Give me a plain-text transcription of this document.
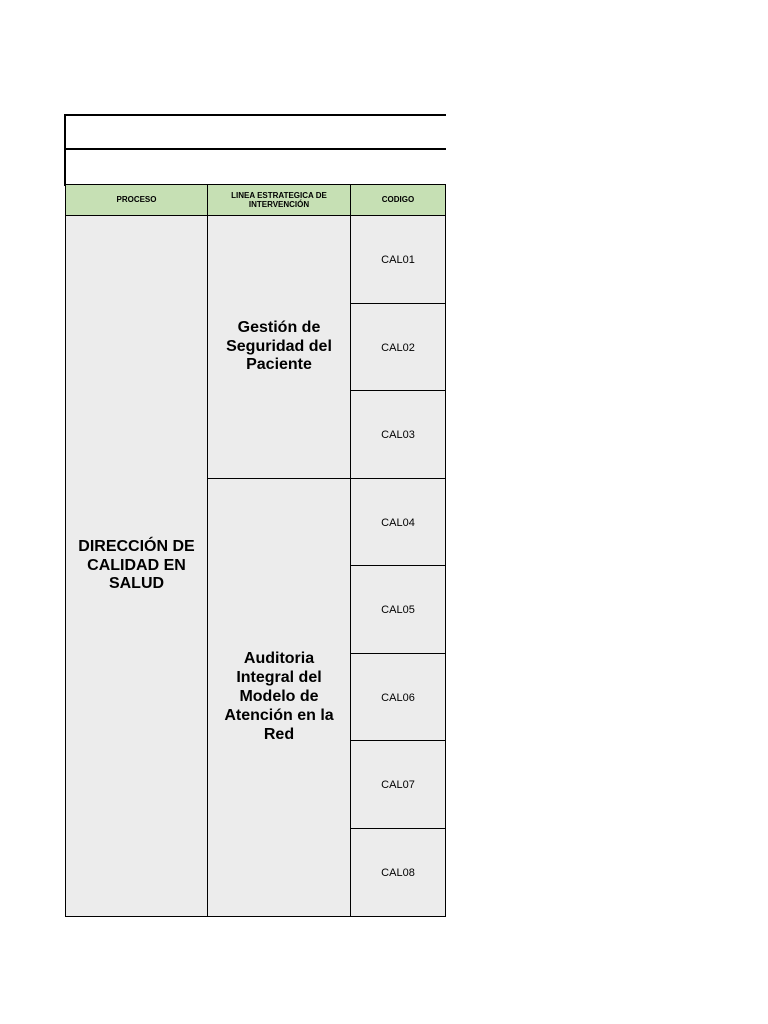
PROCESO
LINEA ESTRATEGICA DE INTERVENCIÓN
CODIGO
DIRECCIÓN DE CALIDAD EN SALUD
Gestión de Seguridad del Paciente
Auditoria Integral del Modelo de Atención en la Red
CAL01
CAL02
CAL03
CAL04
CAL05
CAL06
CAL07
CAL08
